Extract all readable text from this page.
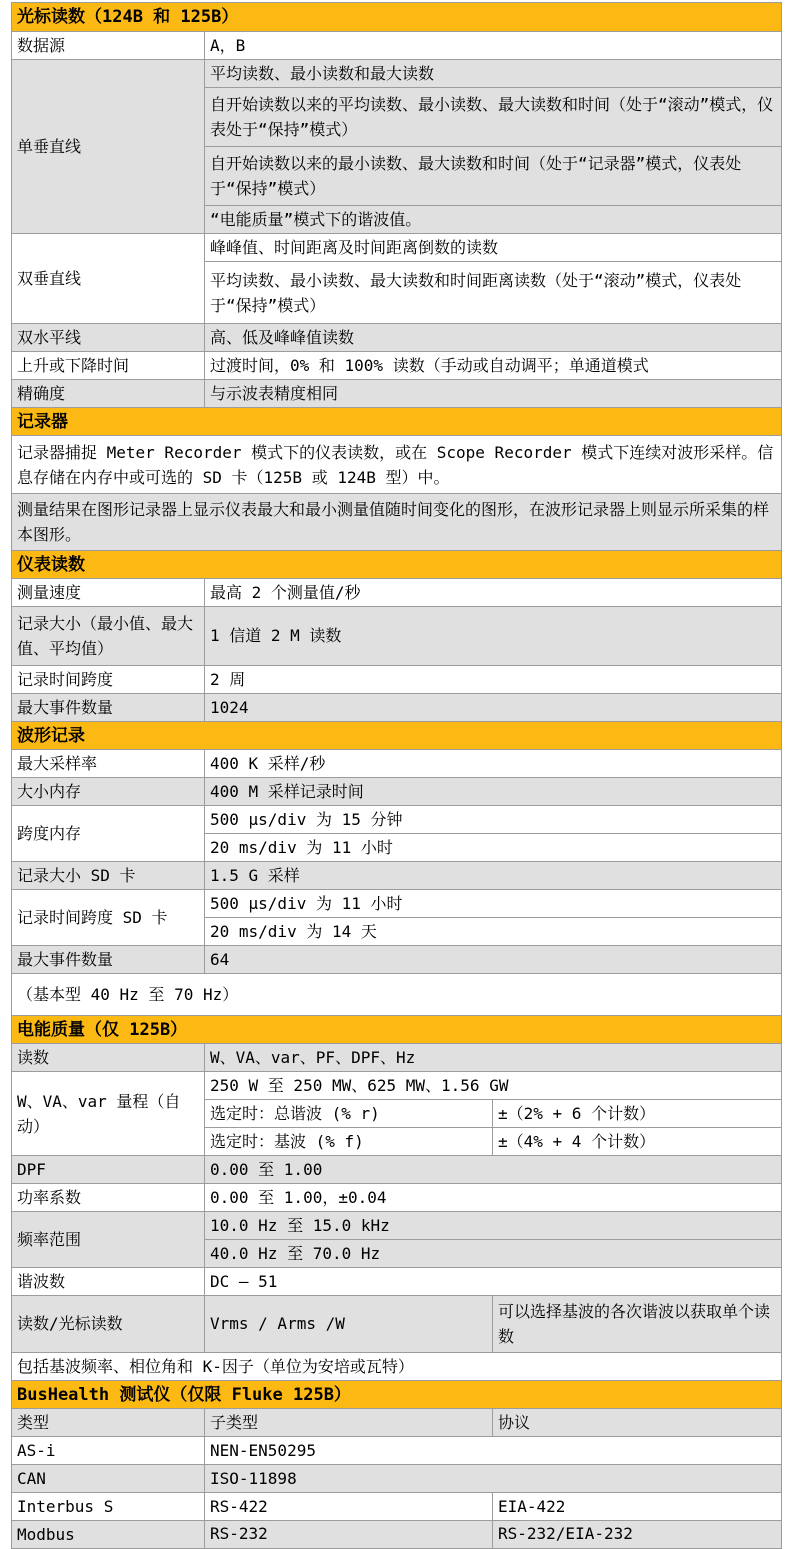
光标读数（124B 和 125B）		
数据源	A，B	
单垂直线	平均读数、最小读数和最大读数	
	自开始读数以来的平均读数、最小读数、最大读数和时间（处于“滚动”模式，仪表处于“保持”模式）	
	自开始读数以来的最小读数、最大读数和时间（处于“记录器”模式，仪表处于“保持”模式）	
	“电能质量”模式下的谐波值。	
双垂直线	峰峰值、时间距离及时间距离倒数的读数	
	平均读数、最小读数、最大读数和时间距离读数（处于“滚动”模式，仪表处于“保持”模式）	
双水平线	高、低及峰峰值读数	
上升或下降时间	过渡时间，0% 和 100% 读数（手动或自动调平；单通道模式	
精确度	与示波表精度相同	
记录器		
记录器捕捉 Meter Recorder 模式下的仪表读数，或在 Scope Recorder 模式下连续对波形采样。信息存储在内存中或可选的 SD 卡（125B 或 124B 型）中。		
测量结果在图形记录器上显示仪表最大和最小测量值随时间变化的图形，在波形记录器上则显示所采集的样本图形。		
仪表读数		
测量速度	最高 2 个测量值/秒	
记录大小（最小值、最大值、平均值）	1 信道 2 M 读数	
记录时间跨度	2 周	
最大事件数量	1024	
波形记录		
最大采样率	400 K 采样/秒	
大小内存	400 M 采样记录时间	
跨度内存	500 μs/div 为 15 分钟	
	20 ms/div 为 11 小时	
记录大小 SD 卡	1.5 G 采样	
记录时间跨度 SD 卡	500 μs/div 为 11 小时	
	20 ms/div 为 14 天	
最大事件数量	64	
（基本型 40 Hz 至 70 Hz）		
电能质量（仅 125B）		
读数	W、VA、var、PF、DPF、Hz	
W、VA、var 量程（自动）	250 W 至 250 MW、625 MW、1.56 GW	
	选定时：总谐波 (% r)	±（2% + 6 个计数）
	选定时：基波 (% f)	±（4% + 4 个计数）
DPF	0.00 至 1.00	
功率系数	0.00 至 1.00，±0.04	
频率范围	10.0 Hz 至 15.0 kHz	
	40.0 Hz 至 70.0 Hz	
谐波数	DC – 51	
读数/光标读数	Vrms / Arms /W	可以选择基波的各次谐波以获取单个读数
包括基波频率、相位角和 K-因子（单位为安培或瓦特）		
BusHealth 测试仪（仅限 Fluke 125B）		
类型	子类型	协议
AS-i	NEN-EN50295	
CAN	ISO-11898	
Interbus S	RS-422	EIA-422
Modbus	RS-232	RS-232/EIA-232
